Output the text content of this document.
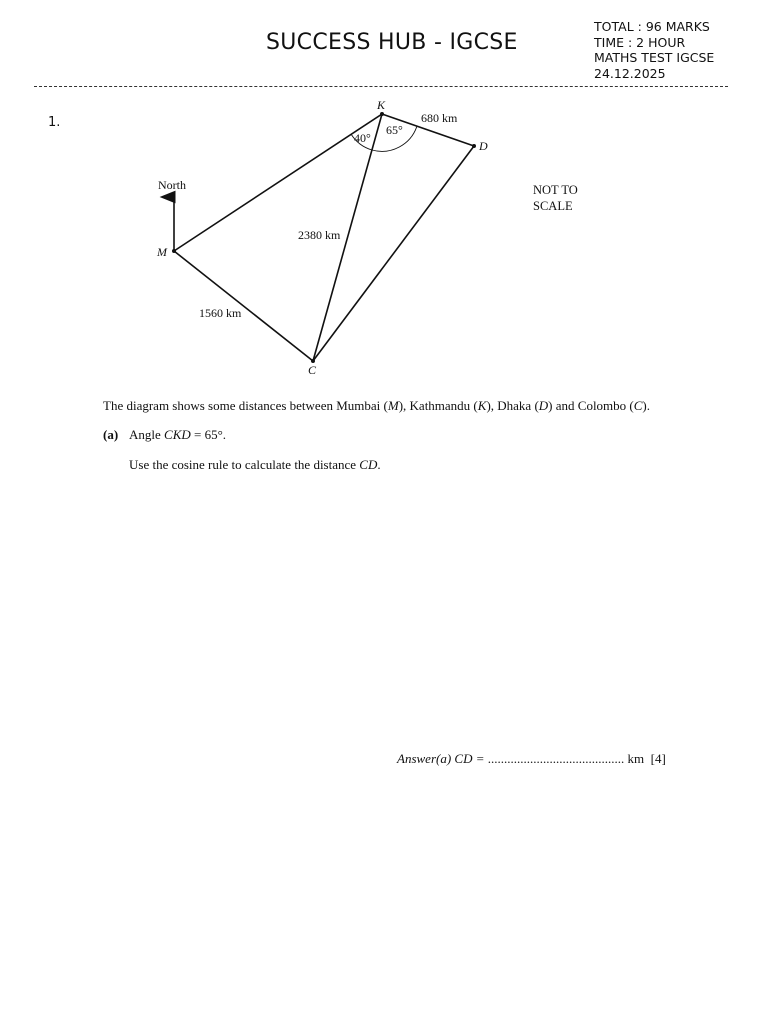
SUCCESS HUB - IGCSE
TOTAL : 96 MARKS
TIME : 2 HOUR
MATHS TEST IGCSE
24.12.2025
1.
K
D
M
C
North
680 km
2380 km
1560 km
40°
65°
NOT TO
SCALE
The diagram shows some distances between Mumbai (M), Kathmandu (K), Dhaka (D) and Colombo (C).
(a) Angle CKD = 65°.
Use the cosine rule to calculate the distance CD.
Answer(a) CD = .......................................... km [4]
